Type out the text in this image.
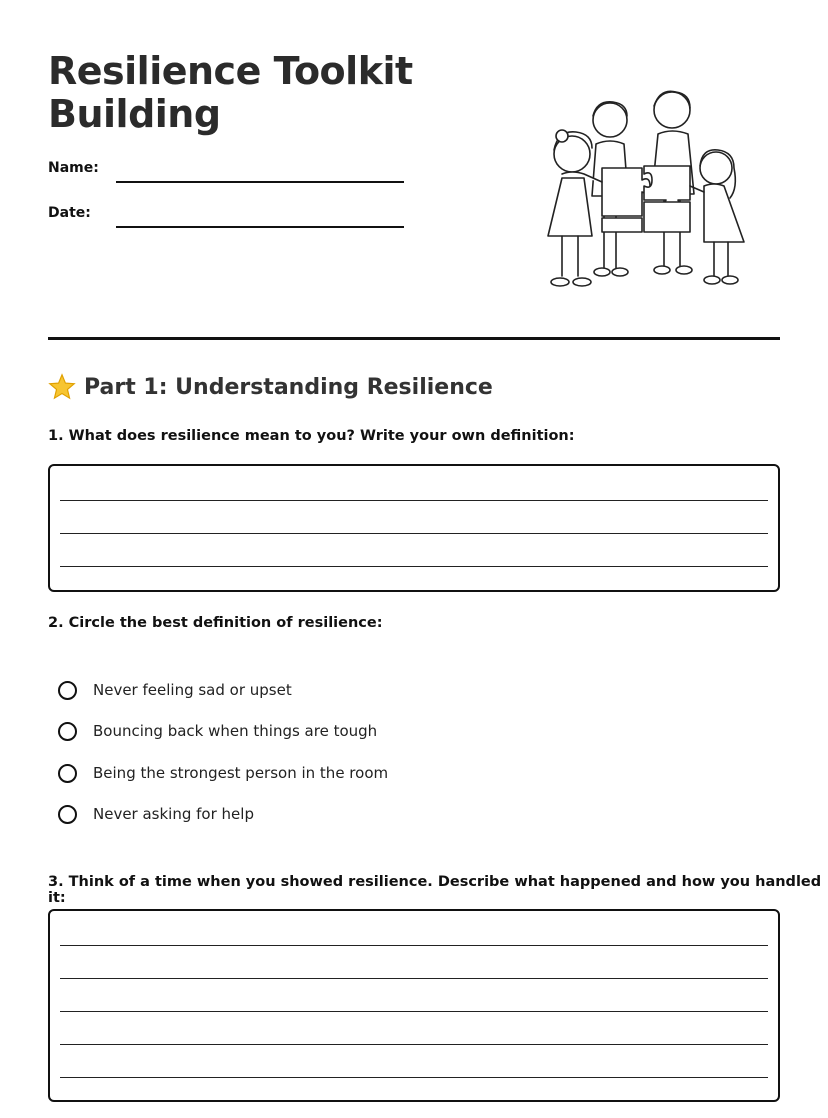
Resilience Toolkit
Building
Name:
Date:
Part 1: Understanding Resilience

1. What does resilience mean to you? Write your own definition:

2. Circle the best definition of resilience:

Never feeling sad or upset
Bouncing back when things are tough
Being the strongest person in the room
Never asking for help

3. Think of a time when you showed resilience. Describe what happened and how you handled it:
